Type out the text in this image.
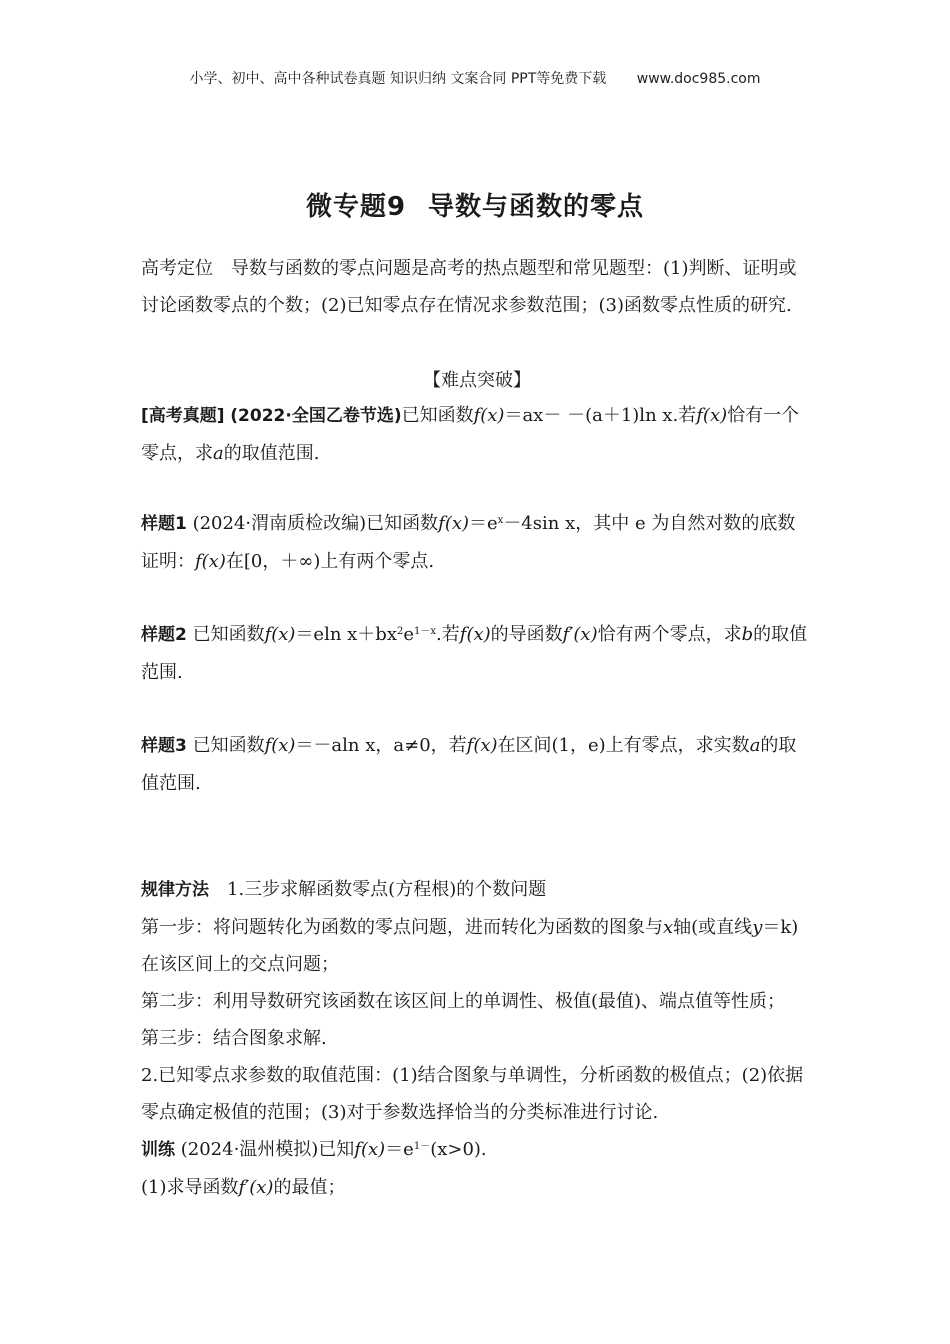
小学、初中、高中各种试卷真题 知识归纳 文案合同 PPT等免费下载 www.doc985.com
微专题9 导数与函数的零点
高考定位 导数与函数的零点问题是高考的热点题型和常见题型：(1)判断、证明或讨论函数零点的个数；(2)已知零点存在情况求参数范围；(3)函数零点性质的研究.
【难点突破】
[高考真题] (2022·全国乙卷节选)已知函数f(x)＝ax－ －(a＋1)ln x.若f(x)恰有一个零点，求a的取值范围.
样题1 (2024·渭南质检改编)已知函数$f(x)=e^x-4\sin$ x，其中 e 为自然对数的底数
证明：f(x)在[0，＋∞)上有两个零点.
样题2 已知函数f(x)＝eln $x+bx^2e^{1-x}$.若f(x)的导函数f′(x)恰有两个零点，求b的取值范围.
样题3 已知函数f(x)＝－aln x，a≠0，若f(x)在区间(1，e)上有零点，求实数a的取值范围.
规律方法 1.三步求解函数零点(方程根)的个数问题
第一步：将问题转化为函数的零点问题，进而转化为函数的图象与x轴(或直线y＝k)在该区间上的交点问题；
第二步：利用导数研究该函数在该区间上的单调性、极值(最值)、端点值等性质；
第三步：结合图象求解.
2.已知零点求参数的取值范围：(1)结合图象与单调性，分析函数的极值点；(2)依据零点确定极值的范围；(3)对于参数选择恰当的分类标准进行讨论.
训练 (2024·温州模拟)已知$f(x)=e^{1-}(x>0)$.
(1)求导函数f′(x)的最值；
